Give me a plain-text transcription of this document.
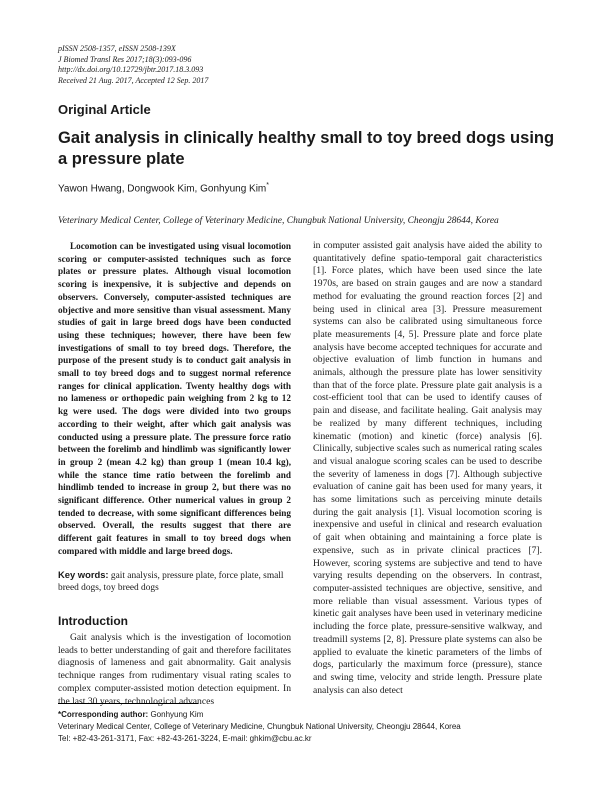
pISSN 2508-1357, eISSN 2508-139X
J Biomed Transl Res 2017;18(3):093-096
http://dx.doi.org/10.12729/jbtr.2017.18.3.093
Received 21 Aug. 2017, Accepted 12 Sep. 2017
Original Article
Gait analysis in clinically healthy small to toy breed dogs using a pressure plate
Yawon Hwang, Dongwook Kim, Gonhyung Kim*
Veterinary Medical Center, College of Veterinary Medicine, Chungbuk National University, Cheongju 28644, Korea

Locomotion can be investigated using visual locomotion scoring or computer-assisted techniques such as force plates or pressure plates. Although visual locomotion scoring is inexpensive, it is subjective and depends on observers. Conversely, computer-assisted techniques are objective and more sensitive than visual assessment. Many studies of gait in large breed dogs have been conducted using these techniques; however, there have been few investigations of small to toy breed dogs. Therefore, the purpose of the present study is to conduct gait analysis in small to toy breed dogs and to suggest normal reference ranges for clinical application. Twenty healthy dogs with no lameness or orthopedic pain weighing from 2 kg to 12 kg were used. The dogs were divided into two groups according to their weight, after which gait analysis was conducted using a pressure plate. The pressure force ratio between the forelimb and hindlimb was significantly lower in group 2 (mean 4.2 kg) than group 1 (mean 10.4 kg), while the stance time ratio between the forelimb and hindlimb tended to increase in group 2, but there was no significant difference. Other numerical values in group 2 tended to decrease, with some significant differences being observed. Overall, the results suggest that there are different gait features in small to toy breed dogs when compared with middle and large breed dogs.

Key words: gait analysis, pressure plate, force plate, small breed dogs, toy breed dogs

Introduction

Gait analysis which is the investigation of locomotion leads to better understanding of gait and therefore facilitates diagnosis of lameness and gait abnormality. Gait analysis technique ranges from rudimentary visual rating scales to complex computer-assisted motion detection equipment. In the last 30 years, technological advances

in computer assisted gait analysis have aided the ability to quantitatively define spatio-temporal gait characteristics [1]. Force plates, which have been used since the late 1970s, are based on strain gauges and are now a standard method for evaluating the ground reaction forces [2] and being used in clinical area [3]. Pressure measurement systems can also be calibrated using simultaneous force plate measurements [4, 5]. Pressure plate and force plate analysis have become accepted techniques for accurate and objective evaluation of limb function in humans and animals, although the pressure plate has lower sensitivity than that of the force plate. Pressure plate gait analysis is a cost-efficient tool that can be used to identify causes of pain and disease, and facilitate healing. Gait analysis may be realized by many different techniques, including kinematic (motion) and kinetic (force) analysis [6]. Clinically, subjective scales such as numerical rating scales and visual analogue scoring scales can be used to describe the severity of lameness in dogs [7]. Although subjective evaluation of canine gait has been used for many years, it has some limitations such as perceiving minute details during the gait analysis [1]. Visual locomotion scoring is inexpensive and useful in clinical and research evaluation of gait when obtaining and maintaining a force plate is expensive, such as in private clinical practices [7]. However, scoring systems are subjective and tend to have varying results depending on the observers. In contrast, computer-assisted techniques are objective, sensitive, and more reliable than visual assessment. Various types of kinetic gait analyses have been used in veterinary medicine including the force plate, pressure-sensitive walkway, and treadmill systems [2, 8]. Pressure plate systems can also be applied to evaluate the kinetic parameters of the limbs of dogs, particularly the maximum force (pressure), stance and swing time, velocity and stride length. Pressure plate analysis can also detect

*Corresponding author: Gonhyung Kim
Veterinary Medical Center, College of Veterinary Medicine, Chungbuk National University, Cheongju 28644, Korea
Tel: +82-43-261-3171, Fax: +82-43-261-3224, E-mail: ghkim@cbu.ac.kr
